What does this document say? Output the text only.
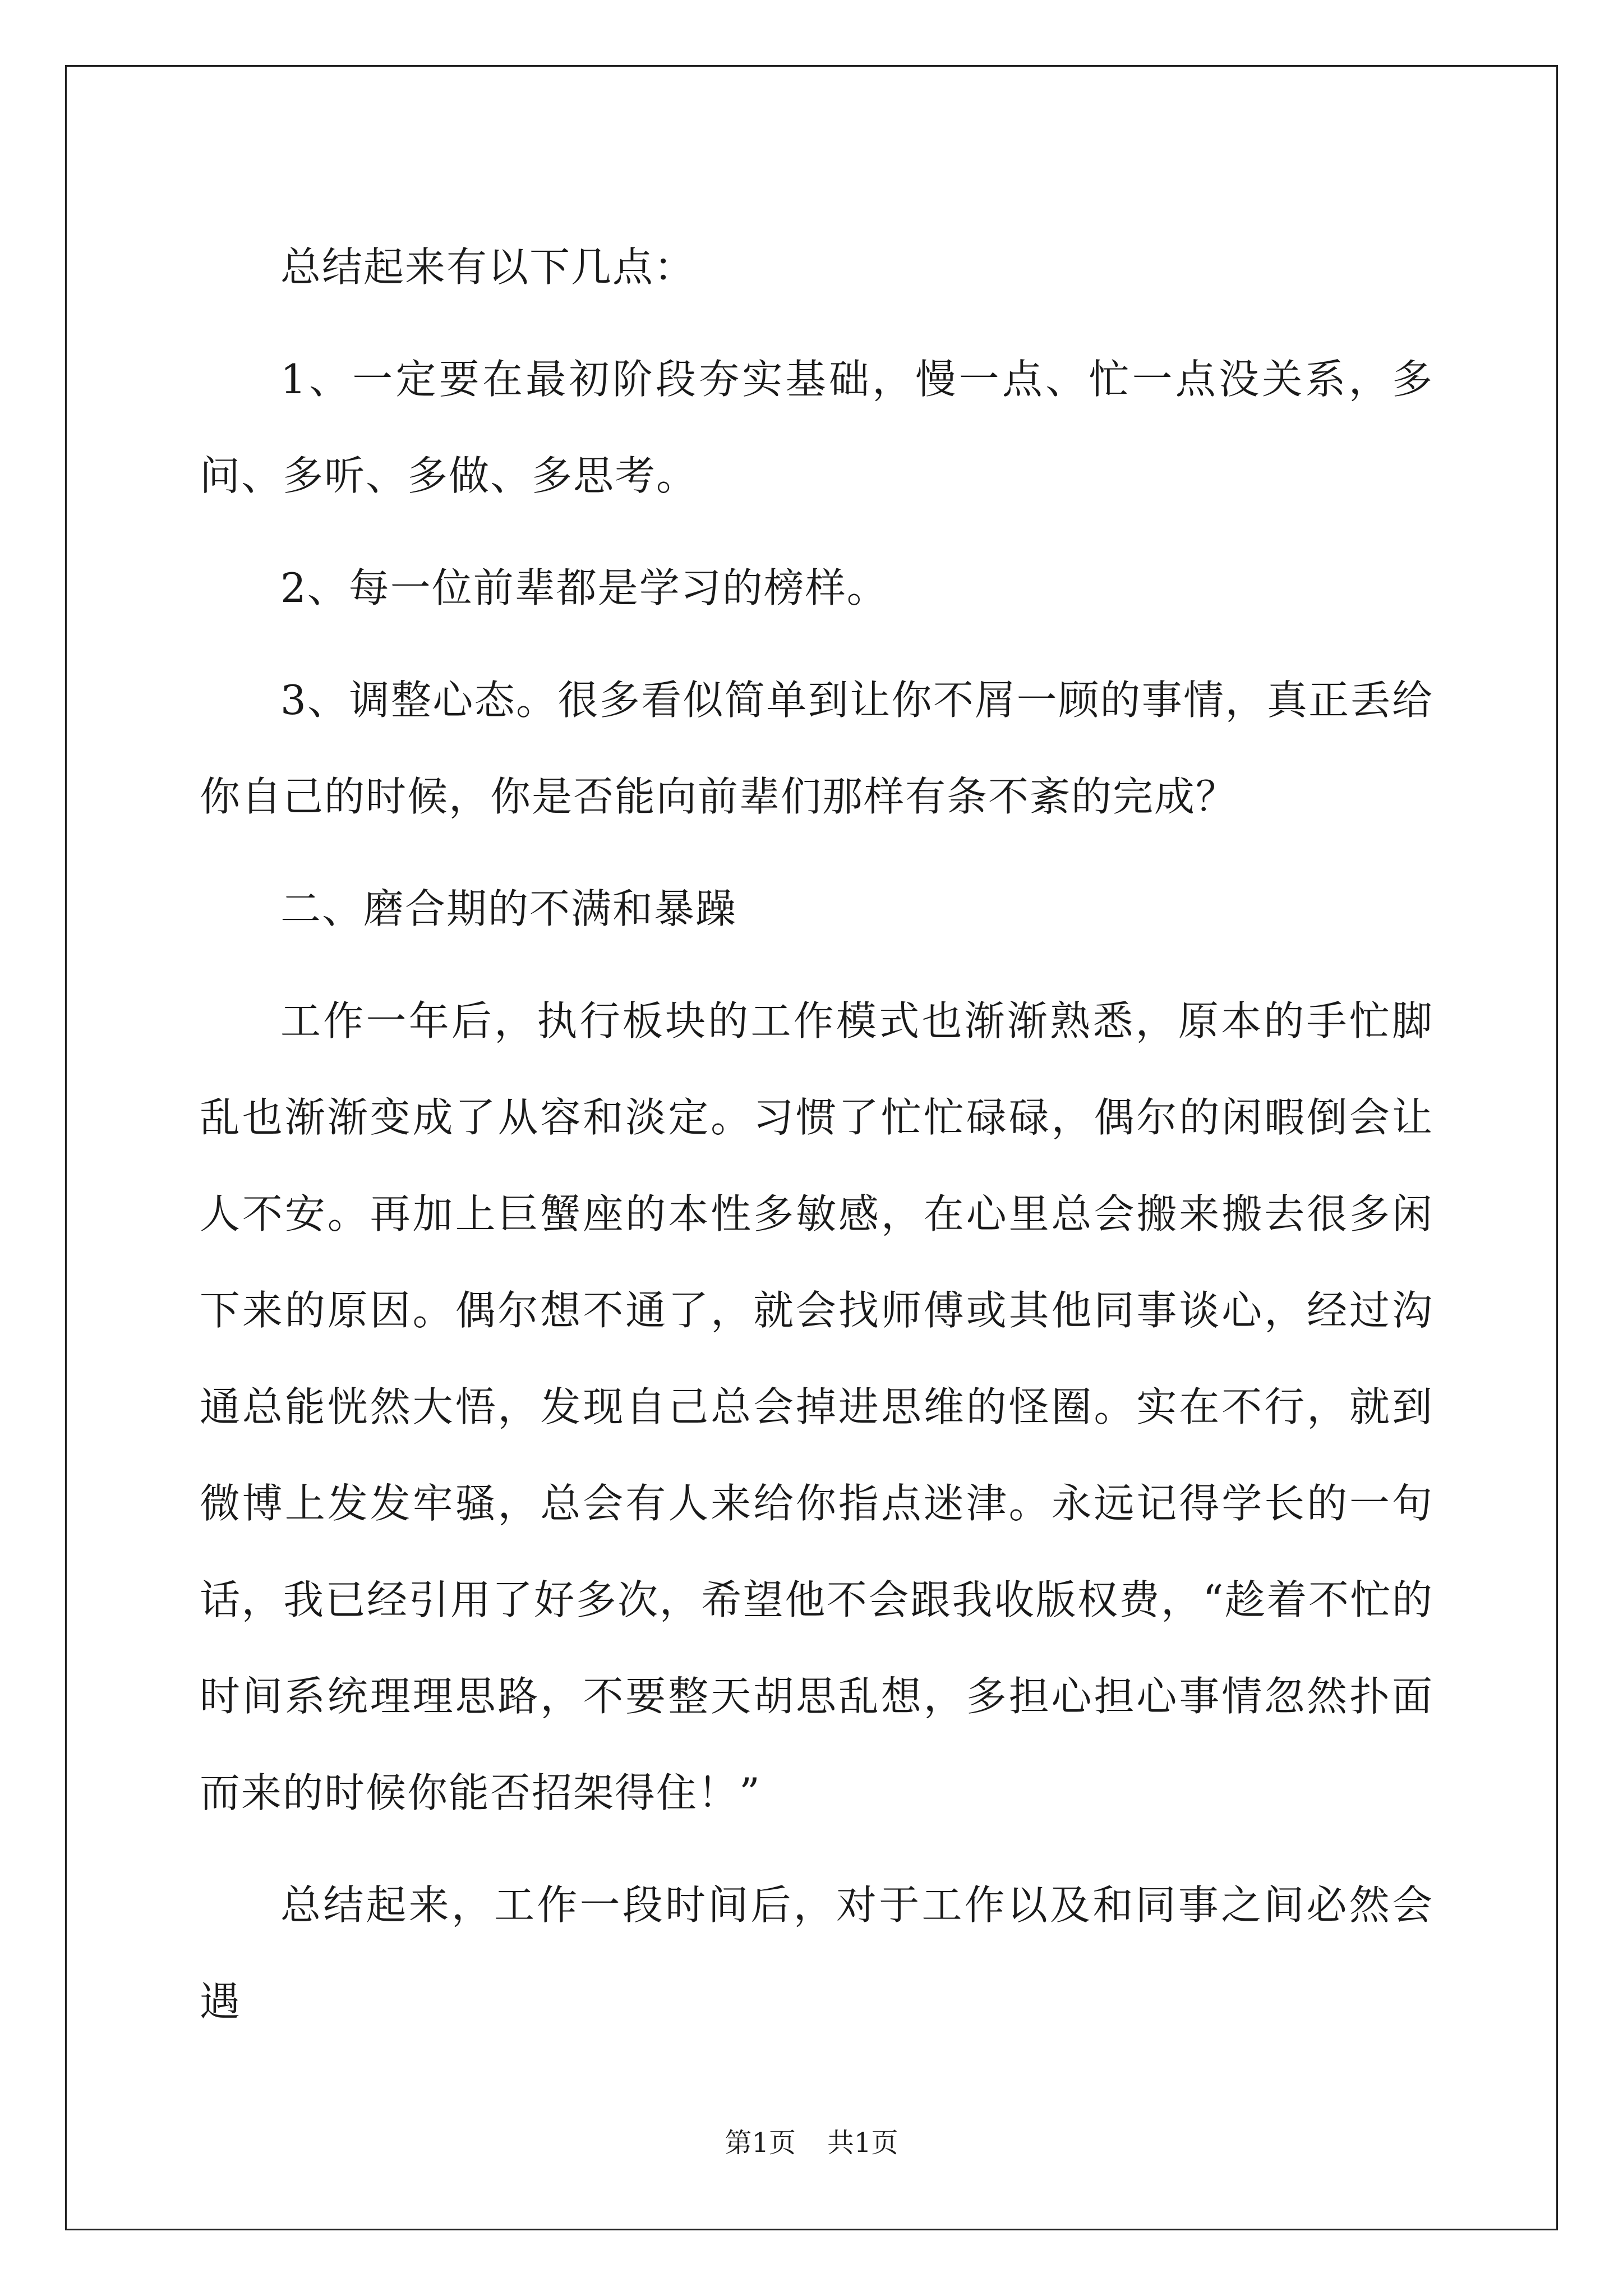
总结起来有以下几点：

1、一定要在最初阶段夯实基础，慢一点、忙一点没关系，多问、多听、多做、多思考。

2、每一位前辈都是学习的榜样。

3、调整心态。很多看似简单到让你不屑一顾的事情，真正丢给你自己的时候，你是否能向前辈们那样有条不紊的完成？

二、磨合期的不满和暴躁

工作一年后，执行板块的工作模式也渐渐熟悉，原本的手忙脚乱也渐渐变成了从容和淡定。习惯了忙忙碌碌，偶尔的闲暇倒会让人不安。再加上巨蟹座的本性多敏感，在心里总会搬来搬去很多闲下来的原因。偶尔想不通了，就会找师傅或其他同事谈心，经过沟通总能恍然大悟，发现自己总会掉进思维的怪圈。实在不行，就到微博上发发牢骚，总会有人来给你指点迷津。永远记得学长的一句话，我已经引用了好多次，希望他不会跟我收版权费，“趁着不忙的时间系统理理思路，不要整天胡思乱想，多担心担心事情忽然扑面而来的时候你能否招架得住！”

总结起来，工作一段时间后，对于工作以及和同事之间必然会遇

第1页 共1页
